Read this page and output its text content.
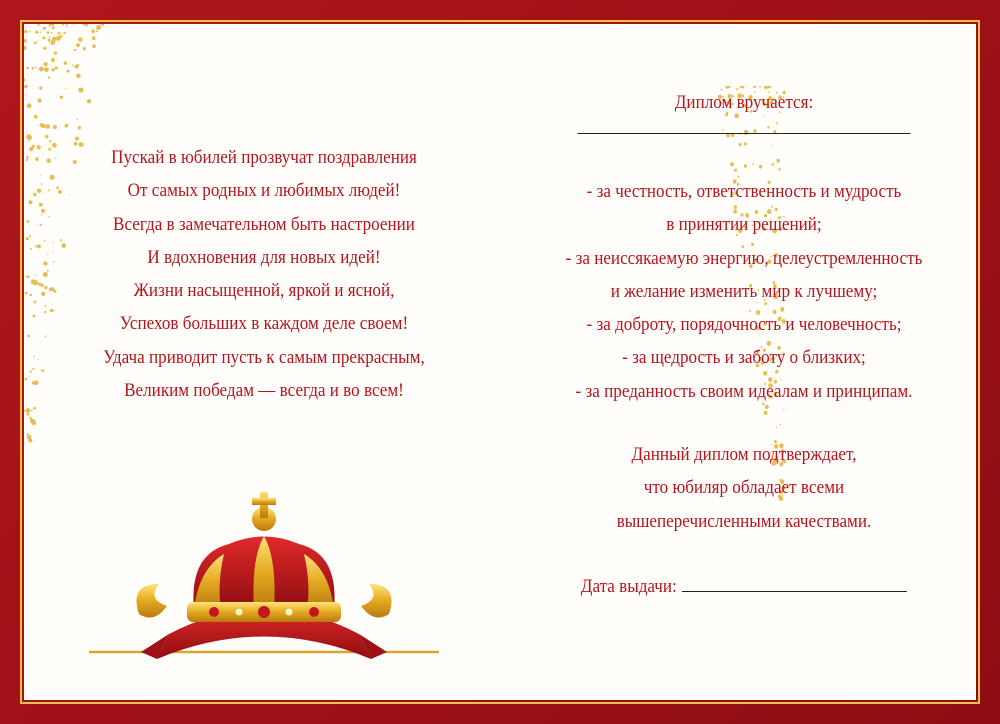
Пускай в юбилей прозвучат поздравления
От самых родных и любимых людей!
Всегда в замечательном быть настроении
И вдохновения для новых идей!
Жизни насыщенной, яркой и ясной,
Успехов больших в каждом деле своем!
Удача приводит пусть к самым прекрасным,
Великим победам — всегда и во всем!
Диплом вручается:
- за честность, ответственность и мудрость
в принятии решений;
- за неиссякаемую энергию, целеустремленность
и желание изменить мир к лучшему;
- за доброту, порядочность и человечность;
- за щедрость и заботу о близких;
- за преданность своим идеалам и принципам.
Данный диплом подтверждает,
что юбиляр обладает всеми
вышеперечисленными качествами.
Дата выдачи:
